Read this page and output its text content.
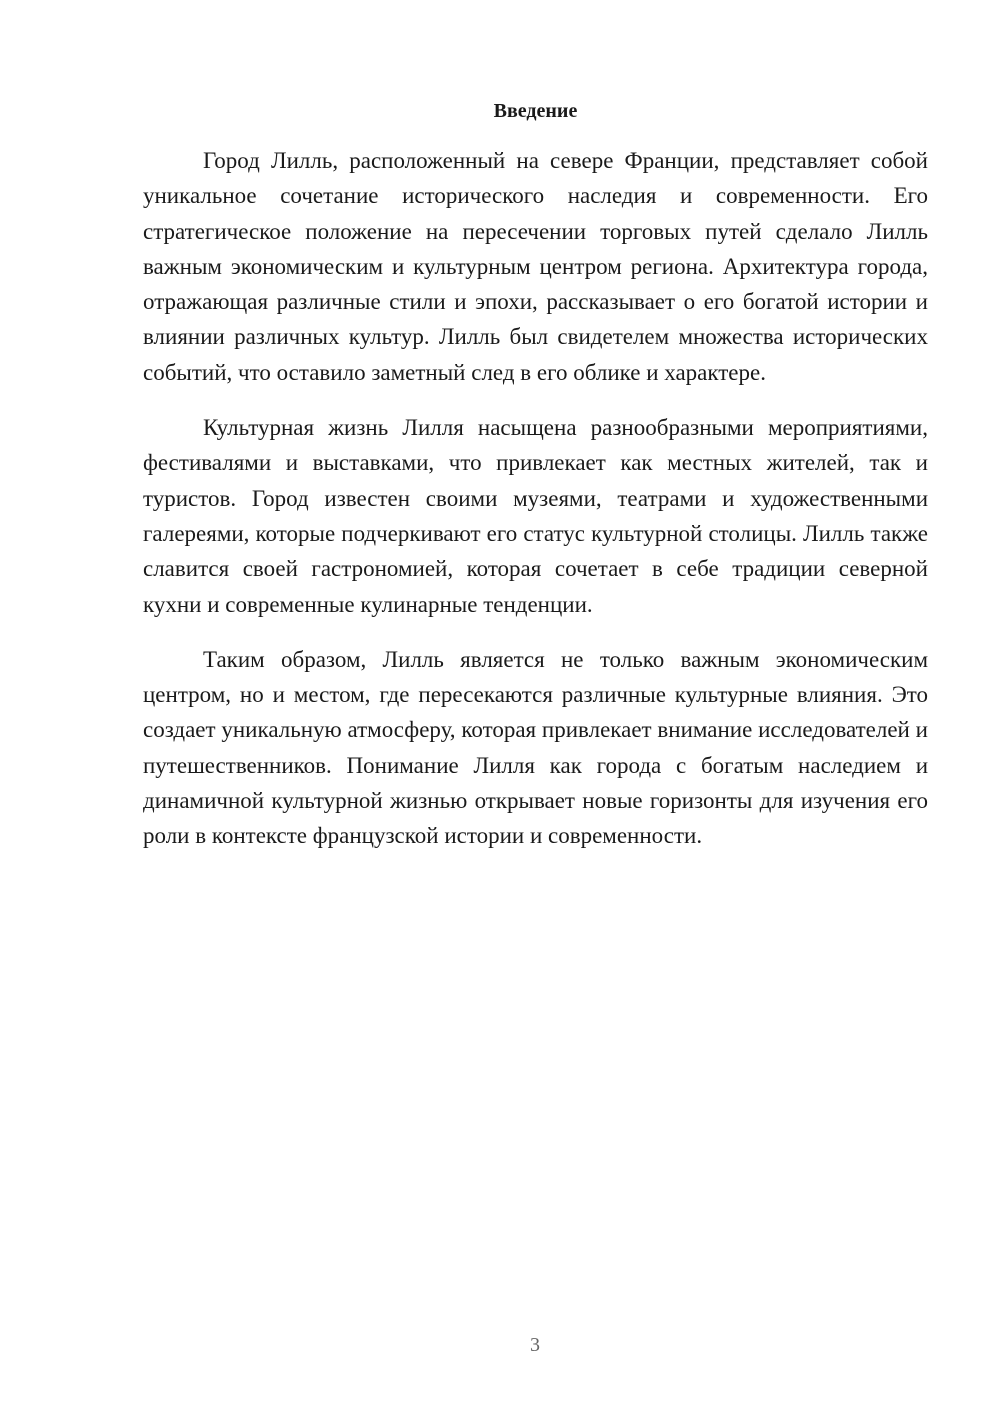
Введение

Город Лилль, расположенный на севере Франции, представляет собой уникальное сочетание исторического наследия и современности. Его стратегическое положение на пересечении торговых путей сделало Лилль важным экономическим и культурным центром региона. Архитектура города, отражающая различные стили и эпохи, рассказывает о его богатой истории и влиянии различных культур. Лилль был свидетелем множества исторических событий, что оставило заметный след в его облике и характере.

Культурная жизнь Лилля насыщена разнообразными мероприятиями, фестивалями и выставками, что привлекает как местных жителей, так и туристов. Город известен своими музеями, театрами и художественными галереями, которые подчеркивают его статус культурной столицы. Лилль также славится своей гастрономией, которая сочетает в себе традиции северной кухни и современные кулинарные тенденции.

Таким образом, Лилль является не только важным экономическим центром, но и местом, где пересекаются различные культурные влияния. Это создает уникальную атмосферу, которая привлекает внимание исследователей и путешественников. Понимание Лилля как города с богатым наследием и динамичной культурной жизнью открывает новые горизонты для изучения его роли в контексте французской истории и современности.

3
